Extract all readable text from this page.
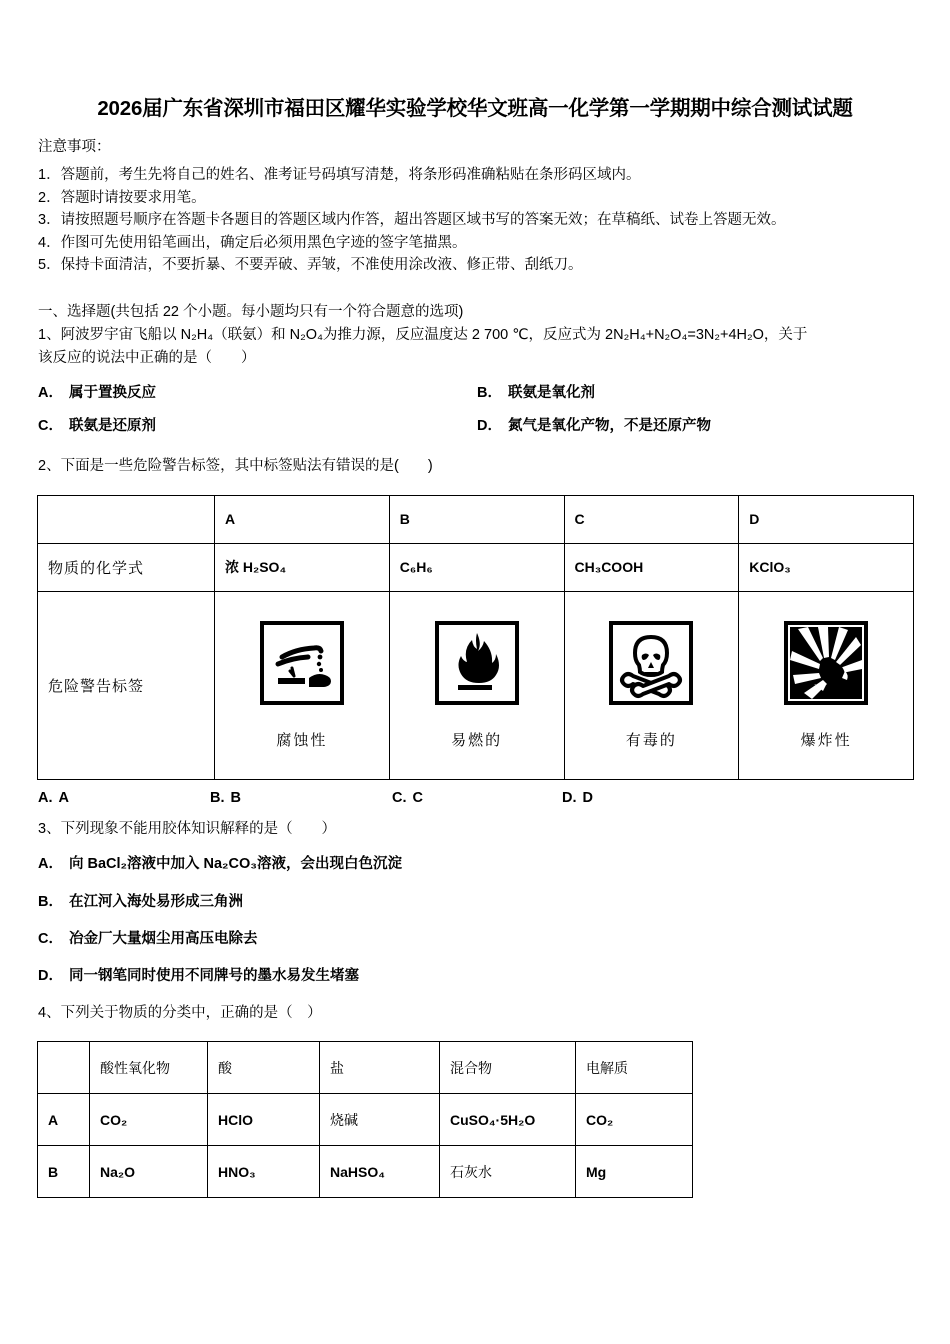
2026届广东省深圳市福田区耀华实验学校华文班高一化学第一学期期中综合测试试题
注意事项：
1．答题前，考生先将自己的姓名、准考证号码填写清楚，将条形码准确粘贴在条形码区域内。
2．答题时请按要求用笔。
3．请按照题号顺序在答题卡各题目的答题区域内作答，超出答题区域书写的答案无效；在草稿纸、试卷上答题无效。
4．作图可先使用铅笔画出，确定后必须用黑色字迹的签字笔描黑。
5．保持卡面清洁，不要折暴、不要弄破、弄皱，不准使用涂改液、修正带、刮纸刀。
一、选择题(共包括 22 个小题。每小题均只有一个符合题意的选项)
1、阿波罗宇宙飞船以 N₂H₄（联氨）和 N₂O₄为推力源，反应温度达 2 700 ℃，反应式为 2N₂H₄+N₂O₄=3N₂+4H₂O，关于
该反应的说法中正确的是（　　）
A． 属于置换反应	B． 联氨是氧化剂
C． 联氨是还原剂	D． 氮气是氧化产物，不是还原产物
2、下面是一些危险警告标签，其中标签贴法有错误的是(　　)
	A	B	C	D
物质的化学式	浓 H₂SO₄	C₆H₆	CH₃COOH	KClO₃
危险警告标签	腐蚀性	易燃的	有毒的	爆炸性
A. A	B. B	C. C	D. D
3、下列现象不能用胶体知识解释的是（　　）
A． 向 BaCl₂溶液中加入 Na₂CO₃溶液，会出现白色沉淀
B． 在江河入海处易形成三角洲
C． 冶金厂大量烟尘用高压电除去
D． 同一钢笔同时使用不同牌号的墨水易发生堵塞
4、下列关于物质的分类中，正确的是（　）
	酸性氧化物	酸	盐	混合物	电解质
A	CO₂	HClO	烧碱	CuSO₄·5H₂O	CO₂
B	Na₂O	HNO₃	NaHSO₄	石灰水	Mg
